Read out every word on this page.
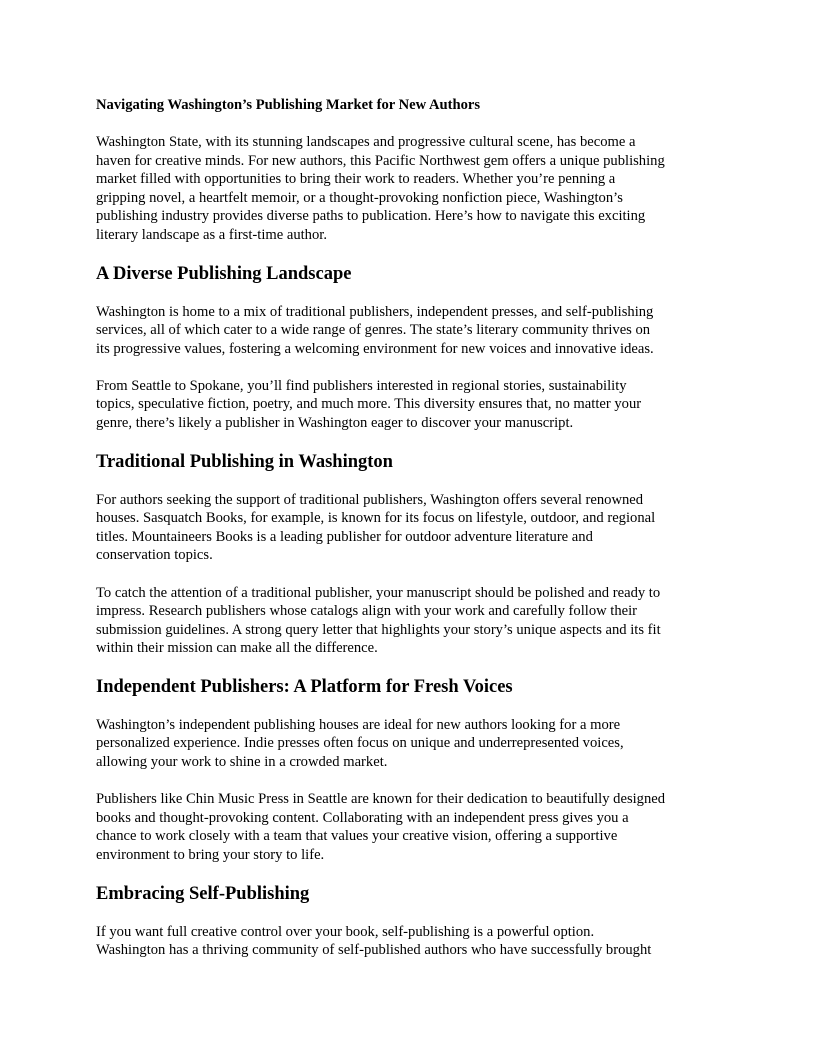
Navigating Washington’s Publishing Market for New Authors

Washington State, with its stunning landscapes and progressive cultural scene, has become a
haven for creative minds. For new authors, this Pacific Northwest gem offers a unique publishing
market filled with opportunities to bring their work to readers. Whether you’re penning a
gripping novel, a heartfelt memoir, or a thought-provoking nonfiction piece, Washington’s
publishing industry provides diverse paths to publication. Here’s how to navigate this exciting
literary landscape as a first-time author.

A Diverse Publishing Landscape

Washington is home to a mix of traditional publishers, independent presses, and self-publishing
services, all of which cater to a wide range of genres. The state’s literary community thrives on
its progressive values, fostering a welcoming environment for new voices and innovative ideas.

From Seattle to Spokane, you’ll find publishers interested in regional stories, sustainability
topics, speculative fiction, poetry, and much more. This diversity ensures that, no matter your
genre, there’s likely a publisher in Washington eager to discover your manuscript.

Traditional Publishing in Washington

For authors seeking the support of traditional publishers, Washington offers several renowned
houses. Sasquatch Books, for example, is known for its focus on lifestyle, outdoor, and regional
titles. Mountaineers Books is a leading publisher for outdoor adventure literature and
conservation topics.

To catch the attention of a traditional publisher, your manuscript should be polished and ready to
impress. Research publishers whose catalogs align with your work and carefully follow their
submission guidelines. A strong query letter that highlights your story’s unique aspects and its fit
within their mission can make all the difference.

Independent Publishers: A Platform for Fresh Voices

Washington’s independent publishing houses are ideal for new authors looking for a more
personalized experience. Indie presses often focus on unique and underrepresented voices,
allowing your work to shine in a crowded market.

Publishers like Chin Music Press in Seattle are known for their dedication to beautifully designed
books and thought-provoking content. Collaborating with an independent press gives you a
chance to work closely with a team that values your creative vision, offering a supportive
environment to bring your story to life.

Embracing Self-Publishing

If you want full creative control over your book, self-publishing is a powerful option.
Washington has a thriving community of self-published authors who have successfully brought
